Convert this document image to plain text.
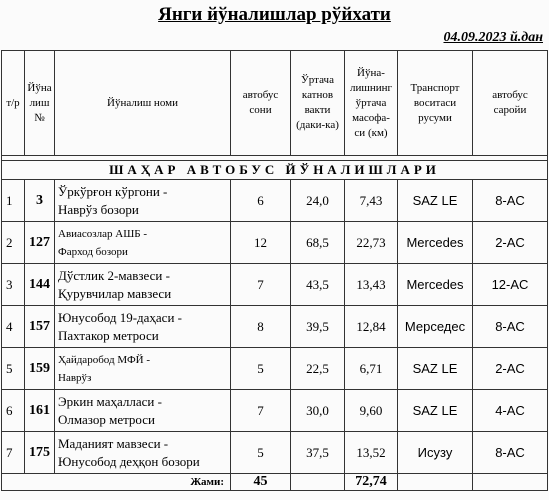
Янги йўналишлар рўйхати
04.09.2023 й.дан
т/р	Йўна лиш №	Йўналиш номи	автобус сони	Ўртача катнов вакти (даки-ка)	Йўна-лишнинг ўртача масофа-си (км)	Транспорт воситаси русуми	автобус саройи

ШАҲАР АВТОБУС ЙЎНАЛИШЛАРИ							
1	3	Ўркўрғон кўргони -
Наврўз бозори	6	24,0	7,43	SAZ LE	8-AC
2	127	Авиасозлар АШБ -
Фарход бозори	12	68,5	22,73	Mercedes	2-AC
3	144	Дўстлик 2-мавзеси -
Қурувчилар мавзеси	7	43,5	13,43	Mercedes	12-AC
4	157	Юнусобод 19-даҳаси -
Пахтакор метроси	8	39,5	12,84	Мерседес	8-AC
5	159	Ҳайдаробод МФЙ -
Наврўз	5	22,5	6,71	SAZ LE	2-AC
6	161	Эркин маҳалласи -
Олмазор метроси	7	30,0	9,60	SAZ LE	4-AC
7	175	Маданият мавзеси -
Юнусобод деҳқон бозори	5	37,5	13,52	Исузу	8-AC
Жами:			45		72,74		
